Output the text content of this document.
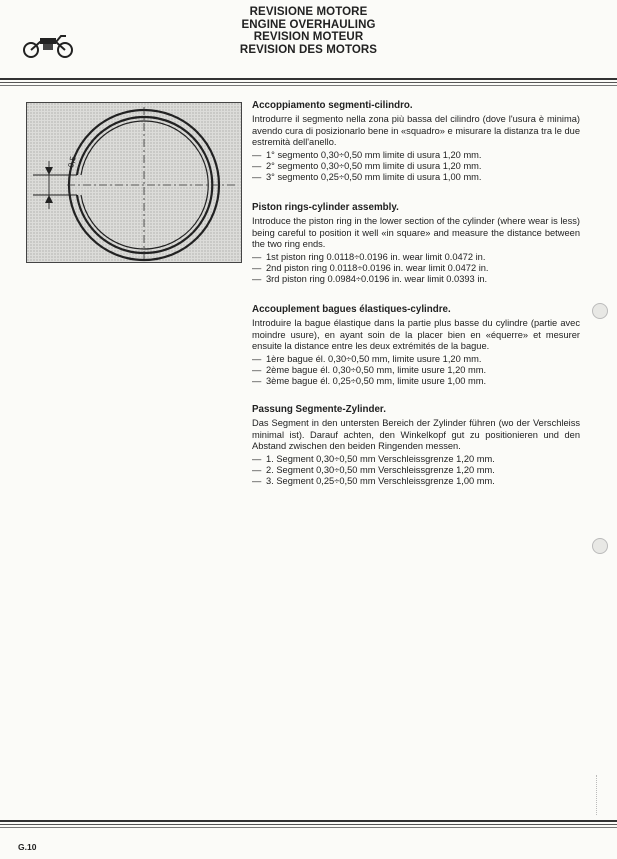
REVISIONE MOTORE
ENGINE OVERHAULING
REVISION MOTEUR
REVISION DES MOTORS
0,5
Accoppiamento segmenti-cilindro.
Introdurre il segmento nella zona più bassa del cilindro (dove l'usura è minima) avendo cura di posizionarlo bene in «squadro» e misurare la distanza tra le due estremità dell'anello.
— 1° segmento 0,30÷0,50 mm limite di usura 1,20 mm.
— 2° segmento 0,30÷0,50 mm limite di usura 1,20 mm.
— 3° segmento 0,25÷0,50 mm limite di usura 1,00 mm.
Piston rings-cylinder assembly.
Introduce the piston ring in the lower section of the cylinder (where wear is less) being careful to position it well «in square» and measure the distance between the two ring ends.
— 1st piston ring 0.0118÷0.0196 in. wear limit 0.0472 in.
— 2nd piston ring 0.0118÷0.0196 in. wear limit 0.0472 in.
— 3rd piston ring 0.0984÷0.0196 in. wear limit 0.0393 in.
Accouplement bagues élastiques-cylindre.
Introduire la bague élastique dans la partie plus basse du cylindre (partie avec moindre usure), en ayant soin de la placer bien en «équerre» et mesurer ensuite la distance entre les deux extrémités de la bague.
— 1ère bague él. 0,30÷0,50 mm, limite usure 1,20 mm.
— 2ème bague él. 0,30÷0,50 mm, limite usure 1,20 mm.
— 3ème bague él. 0,25÷0,50 mm, limite usure 1,00 mm.
Passung Segmente-Zylinder.
Das Segment in den untersten Bereich der Zylinder führen (wo der Verschleiss minimal ist). Darauf achten, den Winkelkopf gut zu positionieren und den Abstand zwischen den beiden Ringenden messen.
— 1. Segment 0,30÷0,50 mm Verschleissgrenze 1,20 mm.
— 2. Segment 0,30÷0,50 mm Verschleissgrenze 1,20 mm.
— 3. Segment 0,25÷0,50 mm Verschleissgrenze 1,00 mm.
G.10
